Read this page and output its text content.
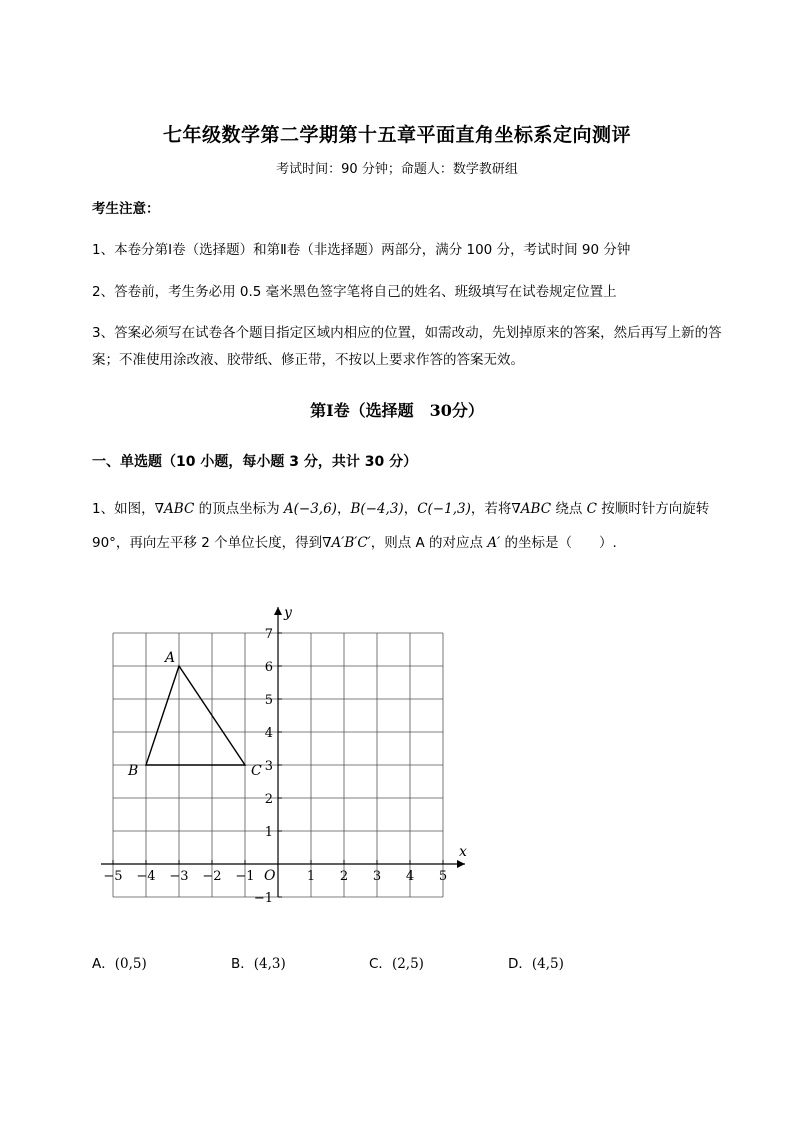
七年级数学第二学期第十五章平面直角坐标系定向测评
考试时间：90 分钟；命题人：数学教研组
考生注意：
1、本卷分第Ⅰ卷（选择题）和第Ⅱ卷（非选择题）两部分，满分 100 分，考试时间 90 分钟
2、答卷前，考生务必用 0.5 毫米黑色签字笔将自己的姓名、班级填写在试卷规定位置上
3、答案必须写在试卷各个题目指定区域内相应的位置，如需改动，先划掉原来的答案，然后再写上新的答案；不准使用涂改液、胶带纸、修正带，不按以上要求作答的答案无效。
第Ⅰ卷（选择题　30分）
一、单选题（10 小题，每小题 3 分，共计 30 分）
1、如图，∇ABC 的顶点坐标为 A(−3,6)，B(−4,3)，C(−1,3)，若将∇ABC 绕点 C 按顺时针方向旋转
90°，再向左平移 2 个单位长度，得到∇A′B′C′，则点 A 的对应点 A′ 的坐标是（　　）.
x
y
O
−5 −4 −3 −2 −1	1 2 3 4 5
−1
1
2
3
4
5
6
7
A
B	C
A．(0,5)	B．(4,3)	C．(2,5)	D．(4,5)
